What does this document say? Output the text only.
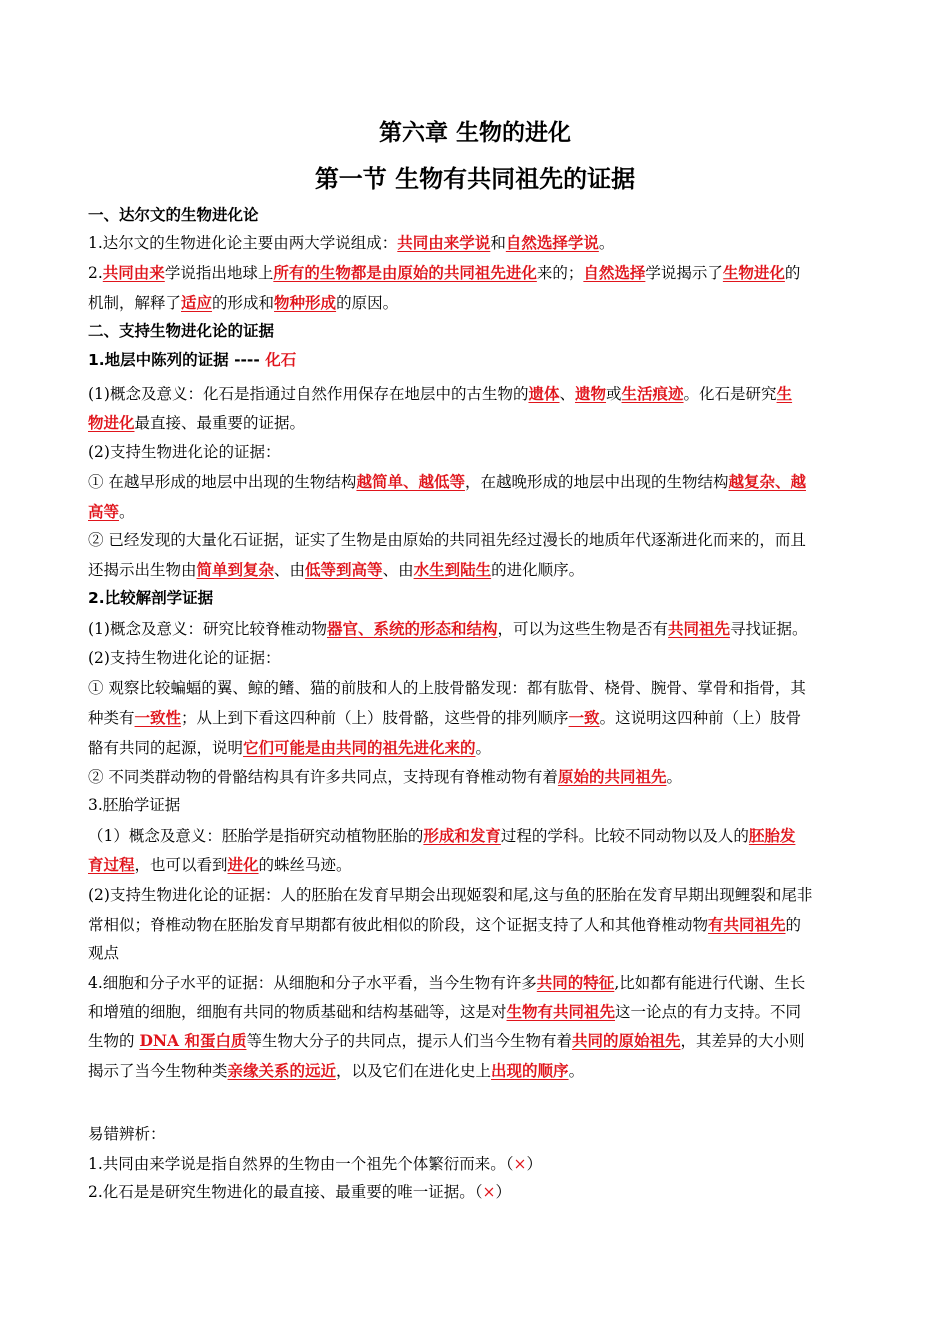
第六章 生物的进化
第一节 生物有共同祖先的证据
一、达尔文的生物进化论
1.达尔文的生物进化论主要由两大学说组成：共同由来学说和自然选择学说。
2.共同由来学说指出地球上所有的生物都是由原始的共同祖先进化来的；自然选择学说揭示了生物进化的
机制，解释了适应的形成和物种形成的原因。
二、支持生物进化论的证据
1.地层中陈列的证据 ---- 化石
(1)概念及意义：化石是指通过自然作用保存在地层中的古生物的遗体、遗物或生活痕迹。化石是研究生
物进化最直接、最重要的证据。
(2)支持生物进化论的证据：
① 在越早形成的地层中出现的生物结构越简单、越低等，在越晚形成的地层中出现的生物结构越复杂、越
高等。
② 已经发现的大量化石证据，证实了生物是由原始的共同祖先经过漫长的地质年代逐渐进化而来的，而且
还揭示出生物由简单到复杂、由低等到高等、由水生到陆生的进化顺序。
2.比较解剖学证据
(1)概念及意义：研究比较脊椎动物器官、系统的形态和结构，可以为这些生物是否有共同祖先寻找证据。
(2)支持生物进化论的证据：
① 观察比较蝙蝠的翼、鲸的鳍、猫的前肢和人的上肢骨骼发现：都有肱骨、桡骨、腕骨、掌骨和指骨，其
种类有一致性；从上到下看这四种前（上）肢骨骼，这些骨的排列顺序一致。这说明这四种前（上）肢骨
骼有共同的起源，说明它们可能是由共同的祖先进化来的。
② 不同类群动物的骨骼结构具有许多共同点，支持现有脊椎动物有着原始的共同祖先。
3.胚胎学证据
（1）概念及意义：胚胎学是指研究动植物胚胎的形成和发育过程的学科。比较不同动物以及人的胚胎发
育过程，也可以看到进化的蛛丝马迹。
(2)支持生物进化论的证据：人的胚胎在发育早期会出现姬裂和尾,这与鱼的胚胎在发育早期出现鲤裂和尾非
常相似；脊椎动物在胚胎发育早期都有彼此相似的阶段，这个证据支持了人和其他脊椎动物有共同祖先的
观点
4.细胞和分子水平的证据：从细胞和分子水平看，当今生物有许多共同的特征,比如都有能进行代谢、生长
和增殖的细胞，细胞有共同的物质基础和结构基础等，这是对生物有共同祖先这一论点的有力支持。不同
生物的 DNA 和蛋白质等生物大分子的共同点，提示人们当今生物有着共同的原始祖先，其差异的大小则
揭示了当今生物种类亲缘关系的远近，以及它们在进化史上出现的顺序。
易错辨析：
1.共同由来学说是指自然界的生物由一个祖先个体繁衍而来。（×）
2.化石是是研究生物进化的最直接、最重要的唯一证据。（×）
